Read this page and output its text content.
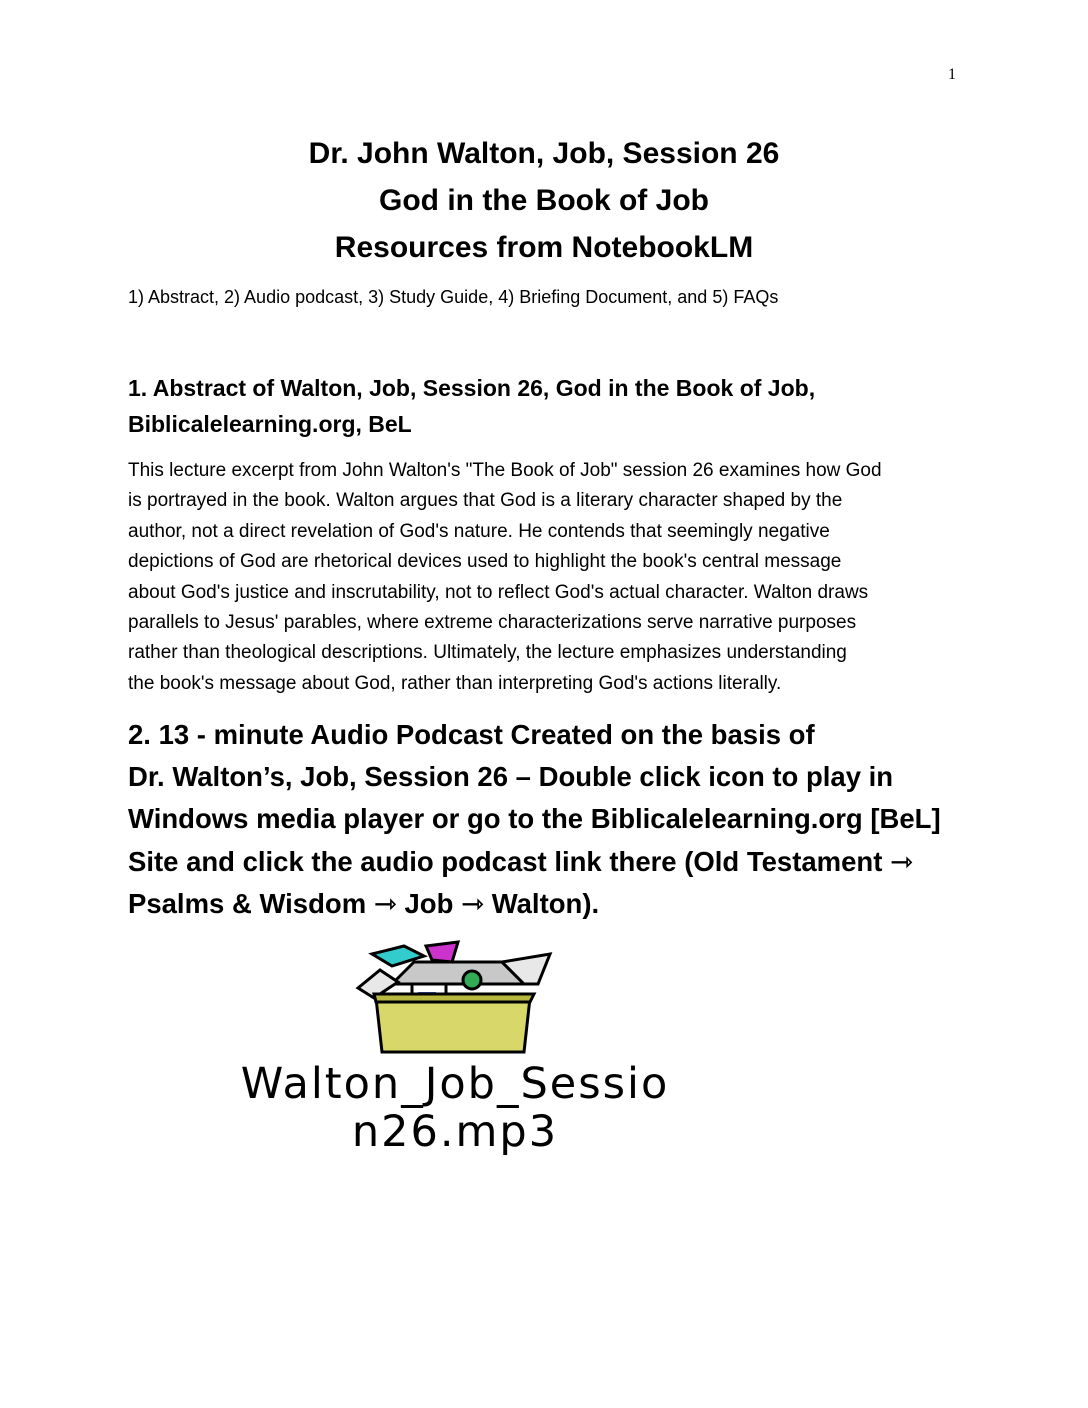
1
Dr. John Walton, Job, Session 26
God in the Book of Job
Resources from NotebookLM
1) Abstract, 2) Audio podcast, 3) Study Guide, 4) Briefing Document, and 5) FAQs
1. Abstract of Walton, Job, Session 26, God in the Book of Job,
Biblicalelearning.org, BeL
This lecture excerpt from John Walton's "The Book of Job" session 26 examines how God
is portrayed in the book. Walton argues that God is a literary character shaped by the
author, not a direct revelation of God's nature. He contends that seemingly negative
depictions of God are rhetorical devices used to highlight the book's central message
about God's justice and inscrutability, not to reflect God's actual character. Walton draws
parallels to Jesus' parables, where extreme characterizations serve narrative purposes
rather than theological descriptions. Ultimately, the lecture emphasizes understanding
the book's message about God, rather than interpreting God's actions literally.
2. 13 - minute Audio Podcast Created on the basis of
Dr. Walton’s, Job, Session 26 – Double click icon to play in
Windows media player or go to the Biblicalelearning.org [BeL]
Site and click the audio podcast link there (Old Testament ⇾
Psalms & Wisdom ⇾ Job ⇾ Walton).
Walton_Job_Sessio
n26.mp3
